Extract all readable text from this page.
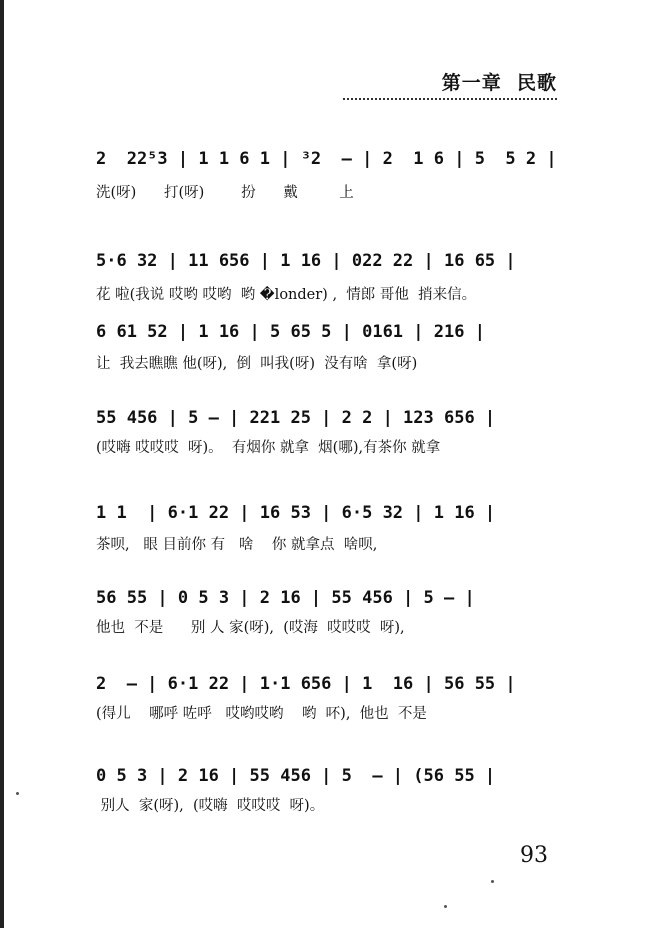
第一章  民歌
2  22⁵3 | 1 1 6 1 | ³2  — | 2  1 6 | 5  5 2 |
洗(呀)      打(呀)        扮      戴         上
5·6 32 | 11 656 | 1 16 | 022 22 | 16 65 |
花 啦(我说 哎哟 哎哟  哟 �londer) ,  情郎 哥他  捎来信。
6 61 52 | 1 16 | 5 65 5 | 0161 | 216 |
让  我去瞧瞧 他(呀),  倒  叫我(呀)  没有啥  拿(呀)
55 456 | 5 — | 221 25 | 2 2 | 123 656 |
(哎嗨 哎哎哎  呀)。  有烟你 就拿  烟(哪),有茶你 就拿
1 1  | 6·1 22 | 16 53 | 6·5 32 | 1 16 |
茶呗,   眼 目前你 有   啥    你 就拿点  啥呗,
56 55 | 0 5 3 | 2 16 | 55 456 | 5 — |
他也  不是      别 人 家(呀),  (哎海  哎哎哎  呀),
2  — | 6·1 22 | 1·1 656 | 1  16 | 56 55 |
(得儿    哪呼 咗呼   哎哟哎哟    哟  吥),  他也  不是
0 5 3 | 2 16 | 55 456 | 5  — | (56 55 |
别人  家(呀),  (哎嗨  哎哎哎  呀)。
93
